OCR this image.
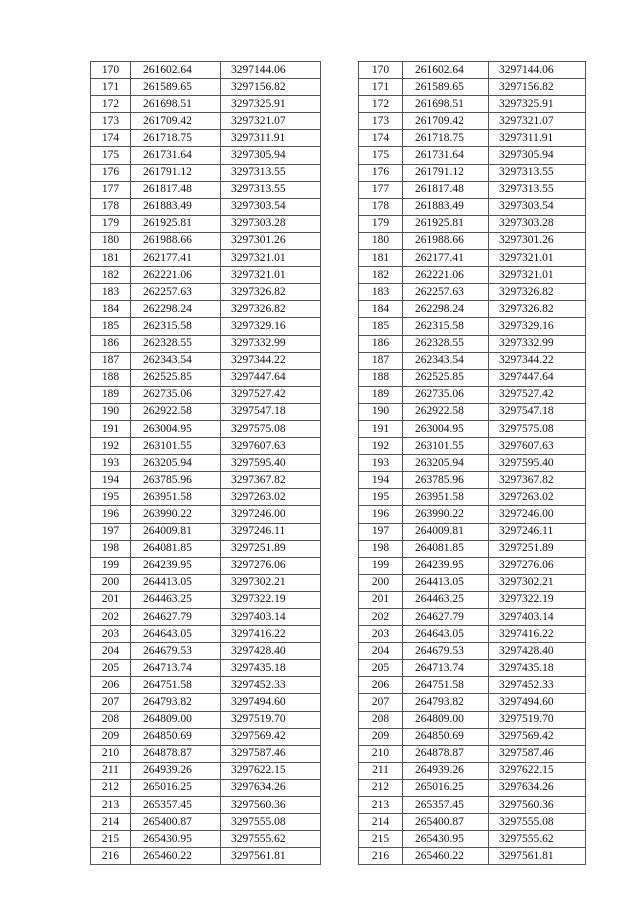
170	261602.64	3297144.06
171	261589.65	3297156.82
172	261698.51	3297325.91
173	261709.42	3297321.07
174	261718.75	3297311.91
175	261731.64	3297305.94
176	261791.12	3297313.55
177	261817.48	3297313.55
178	261883.49	3297303.54
179	261925.81	3297303.28
180	261988.66	3297301.26
181	262177.41	3297321.01
182	262221.06	3297321.01
183	262257.63	3297326.82
184	262298.24	3297326.82
185	262315.58	3297329.16
186	262328.55	3297332.99
187	262343.54	3297344.22
188	262525.85	3297447.64
189	262735.06	3297527.42
190	262922.58	3297547.18
191	263004.95	3297575.08
192	263101.55	3297607.63
193	263205.94	3297595.40
194	263785.96	3297367.82
195	263951.58	3297263.02
196	263990.22	3297246.00
197	264009.81	3297246.11
198	264081.85	3297251.89
199	264239.95	3297276.06
200	264413.05	3297302.21
201	264463.25	3297322.19
202	264627.79	3297403.14
203	264643.05	3297416.22
204	264679.53	3297428.40
205	264713.74	3297435.18
206	264751.58	3297452.33
207	264793.82	3297494.60
208	264809.00	3297519.70
209	264850.69	3297569.42
210	264878.87	3297587.46
211	264939.26	3297622.15
212	265016.25	3297634.26
213	265357.45	3297560.36
214	265400.87	3297555.08
215	265430.95	3297555.62
216	265460.22	3297561.81
170	261602.64	3297144.06
171	261589.65	3297156.82
172	261698.51	3297325.91
173	261709.42	3297321.07
174	261718.75	3297311.91
175	261731.64	3297305.94
176	261791.12	3297313.55
177	261817.48	3297313.55
178	261883.49	3297303.54
179	261925.81	3297303.28
180	261988.66	3297301.26
181	262177.41	3297321.01
182	262221.06	3297321.01
183	262257.63	3297326.82
184	262298.24	3297326.82
185	262315.58	3297329.16
186	262328.55	3297332.99
187	262343.54	3297344.22
188	262525.85	3297447.64
189	262735.06	3297527.42
190	262922.58	3297547.18
191	263004.95	3297575.08
192	263101.55	3297607.63
193	263205.94	3297595.40
194	263785.96	3297367.82
195	263951.58	3297263.02
196	263990.22	3297246.00
197	264009.81	3297246.11
198	264081.85	3297251.89
199	264239.95	3297276.06
200	264413.05	3297302.21
201	264463.25	3297322.19
202	264627.79	3297403.14
203	264643.05	3297416.22
204	264679.53	3297428.40
205	264713.74	3297435.18
206	264751.58	3297452.33
207	264793.82	3297494.60
208	264809.00	3297519.70
209	264850.69	3297569.42
210	264878.87	3297587.46
211	264939.26	3297622.15
212	265016.25	3297634.26
213	265357.45	3297560.36
214	265400.87	3297555.08
215	265430.95	3297555.62
216	265460.22	3297561.81
